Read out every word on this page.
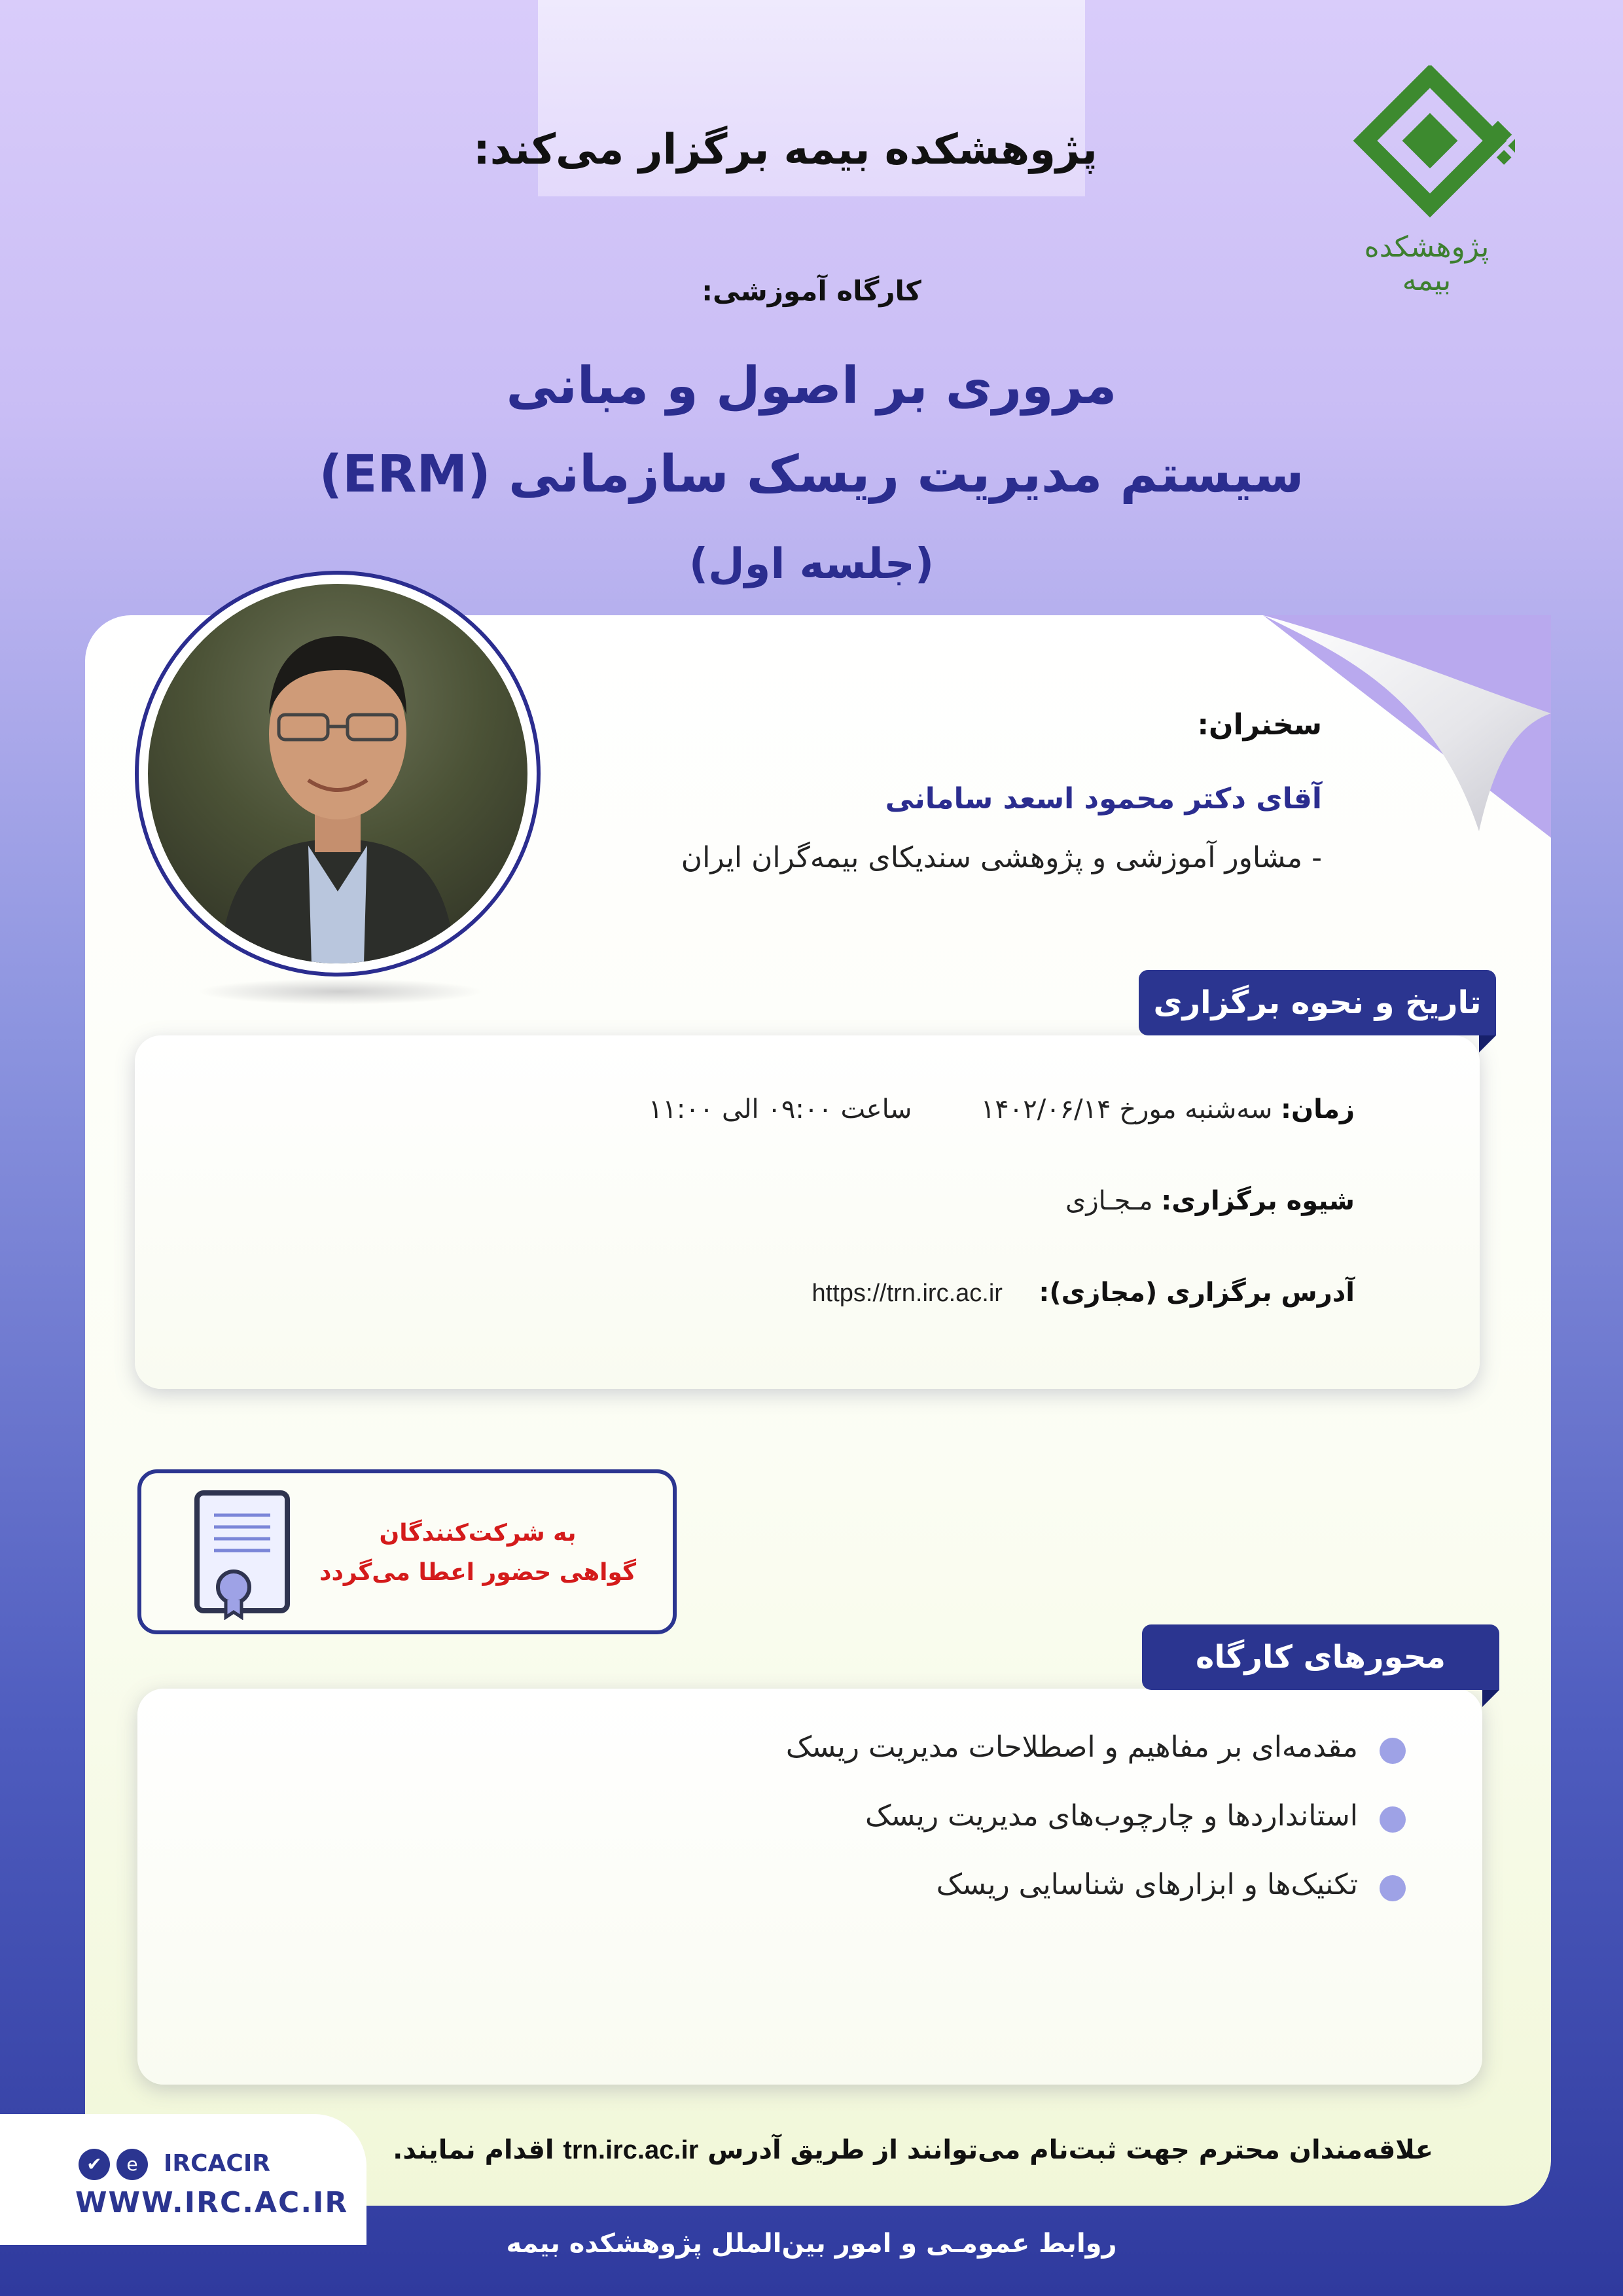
پژوهشکده بیمه برگزار می‌کند:
پژوهشکده بیمه
کارگاه آموزشی:
مروری بر اصول و مبانی
سیستم مدیریت ریسک سازمانی (ERM)
(جلسه اول)
سخنران:
آقای دکتر محمود اسعد سامانی
- مشاور آموزشی و پژوهشی سندیکای بیمه‌گران ایران
تاریخ و نحوه برگزاری
زمان: سه‌شنبه مورخ ۱۴۰۲/۰۶/۱۴  ساعت ۰۹:۰۰ الی ۱۱:۰۰
شیوه برگزاری: مـجـازی
آدرس برگزاری (مجازی):  https://trn.irc.ac.ir
به شرکت‌کنندگان
گواهی حضور اعطا می‌گردد
محورهای کارگاه
مقدمه‌ای بر مفاهیم و اصطلاحات مدیریت ریسک
استانداردها و چارچوب‌های مدیریت ریسک
تکنیک‌ها و ابزارهای شناسایی ریسک
علاقه‌مندان محترم جهت ثبت‌نام می‌توانند از طریق آدرس trn.irc.ac.ir اقدام نمایند.
✔	e	IRCACIR
WWW.IRC.AC.IR
روابط عمومـی و امور بین‌الملل پژوهشکده بیمه
